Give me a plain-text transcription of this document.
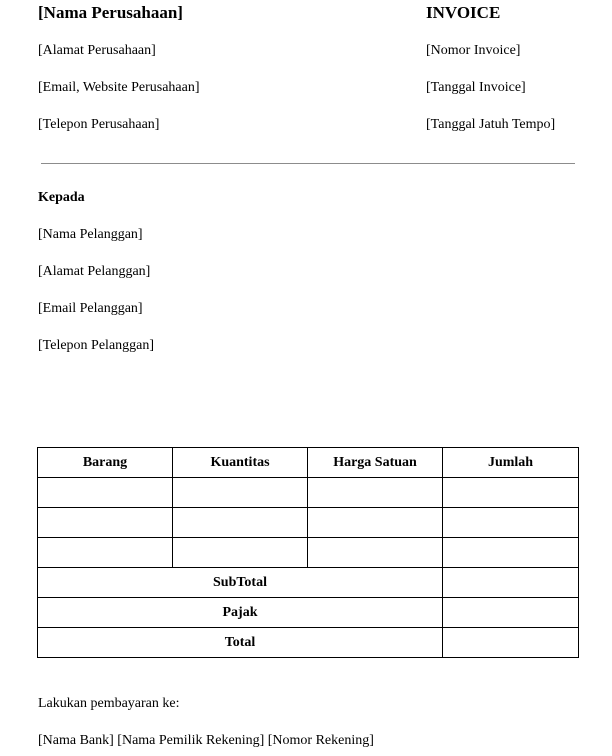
[Nama Perusahaan]
[Alamat Perusahaan]
[Email, Website Perusahaan]
[Telepon Perusahaan]
INVOICE
[Nomor Invoice]
[Tanggal Invoice]
[Tanggal Jatuh Tempo]
Kepada
[Nama Pelanggan]
[Alamat Pelanggan]
[Email Pelanggan]
[Telepon Pelanggan]
Barang	Kuantitas	Harga Satuan	Jumlah

SubTotal			
Pajak			
Total			
Lakukan pembayaran ke:
[Nama Bank] [Nama Pemilik Rekening] [Nomor Rekening]
